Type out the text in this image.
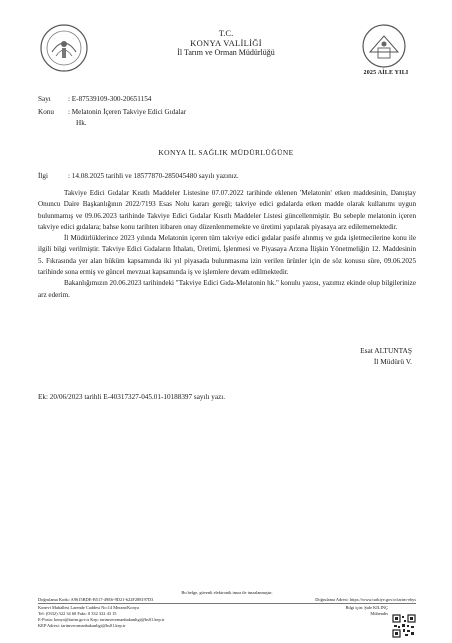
T.C.
KONYA VALİLİĞİ
İl Tarım ve Orman Müdürlüğü
2025 AİLE YILI
Sayı : E-87539109-300-20651154
Konu : Melatonin İçeren Takviye Edici Gıdalar
Hk.
KONYA İL SAĞLIK MÜDÜRLÜĞÜNE
İlgi	: 14.08.2025 tarihli ve 18577870-285045480 sayılı yazınız.

Takviye Edici Gıdalar Kısıtlı Maddeler Listesine 07.07.2022 tarihinde eklenen 'Melatonin' etken maddesinin, Danıştay Onuncu Daire Başkanlığının 2022/7193 Esas Nolu kararı gereği; takviye edici gıdalarda etken madde olarak kullanımı uygun bulunmamış ve 09.06.2023 tarihinde Takviye Edici Gıdalar Kısıtlı Maddeler Listesi güncellenmiştir. Bu sebeple melatonin içeren takviye edici gıdalara; bahse konu tarihten itibaren onay düzenlenmemekte ve üretimi yapılarak piyasaya arz edilememektedir.

İl Müdürlüklerince 2023 yılında Melatonin içeren tüm takviye edici gıdalar pasife alınmış ve gıda işletmecilerine konu ile ilgili bilgi verilmiştir. Takviye Edici Gıdaların İthalatı, Üretimi, İşlenmesi ve Piyasaya Arzına İlişkin Yönetmeliğin 12. Maddesinin 5. Fıkrasında yer alan hüküm kapsamında iki yıl piyasada bulunmasına izin verilen ürünler için de söz konusu süre, 09.06.2025 tarihinde sona ermiş ve güncel mevzuat kapsamında iş ve işlemlere devam edilmektedir.

Bakanlığımızın 20.06.2023 tarihindeki "Takviye Edici Gıda-Melatonin hk." konulu yazısı, yazımız ekinde olup bilgilerinize arz ederim.

Esat ALTUNTAŞ
İl Müdürü V.
Ek: 20/06/2023 tarihli E-40317327-045.01-10188397 sayılı yazı.
Bu belge, güvenli elektronik imza ile imzalanmıştır.
Doğrulama Kodu: A9615BDE-B517-49E6-9D21-622F288197D3	Doğrulama Adresi: https://www.turkiye.gov.tr/tarim-ebys
Konevi Mahallesi Larende Caddesi No:14 Meram/Konya	Bilgi için: Şule KILINÇ
Tel: (0332) 322 34 60 Faks: 0 332 322 43 15	Mühendis
E-Posta: konya@tarim.gov.tr Kep: tarimveormanbakanligi@hs01.kep.tr
KEP Adresi: tarimveormanbakanligi@hs01.kep.tr
